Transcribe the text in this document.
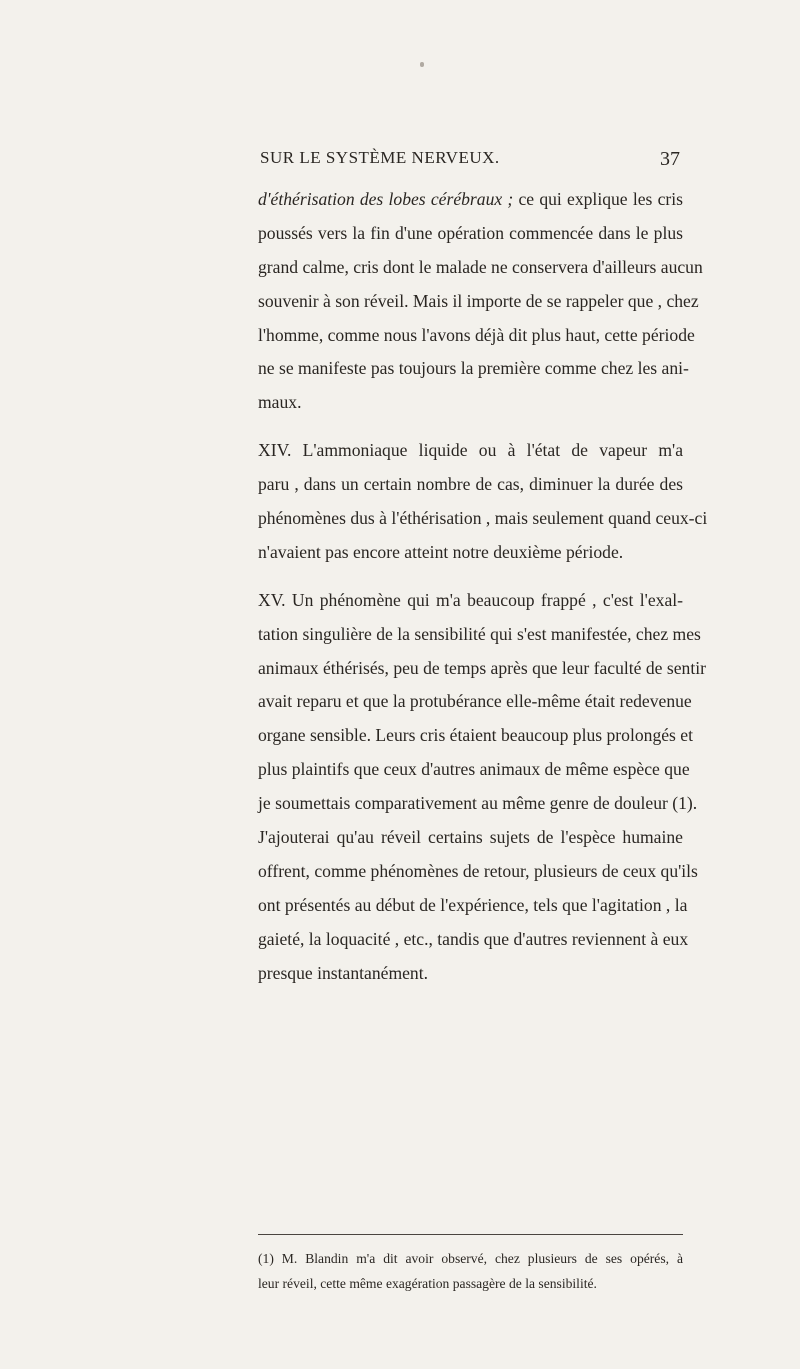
SUR LE SYSTÈME NERVEUX.	37
d'éthérisation des lobes cérébraux ; ce qui explique les cris
poussés vers la fin d'une opération commencée dans le plus
grand calme, cris dont le malade ne conservera d'ailleurs aucun
souvenir à son réveil. Mais il importe de se rappeler que , chez
l'homme, comme nous l'avons déjà dit plus haut, cette période
ne se manifeste pas toujours la première comme chez les ani-
maux.
XIV. L'ammoniaque liquide ou à l'état de vapeur m'a
paru , dans un certain nombre de cas, diminuer la durée des
phénomènes dus à l'éthérisation , mais seulement quand ceux-ci
n'avaient pas encore atteint notre deuxième période.
XV. Un phénomène qui m'a beaucoup frappé , c'est l'exal-
tation singulière de la sensibilité qui s'est manifestée, chez mes
animaux éthérisés, peu de temps après que leur faculté de sentir
avait reparu et que la protubérance elle-même était redevenue
organe sensible. Leurs cris étaient beaucoup plus prolongés et
plus plaintifs que ceux d'autres animaux de même espèce que
je soumettais comparativement au même genre de douleur (1).
J'ajouterai qu'au réveil certains sujets de l'espèce humaine
offrent, comme phénomènes de retour, plusieurs de ceux qu'ils
ont présentés au début de l'expérience, tels que l'agitation , la
gaieté, la loquacité , etc., tandis que d'autres reviennent à eux
presque instantanément.
(1) M. Blandin m'a dit avoir observé, chez plusieurs de ses opérés, à
leur réveil, cette même exagération passagère de la sensibilité.
